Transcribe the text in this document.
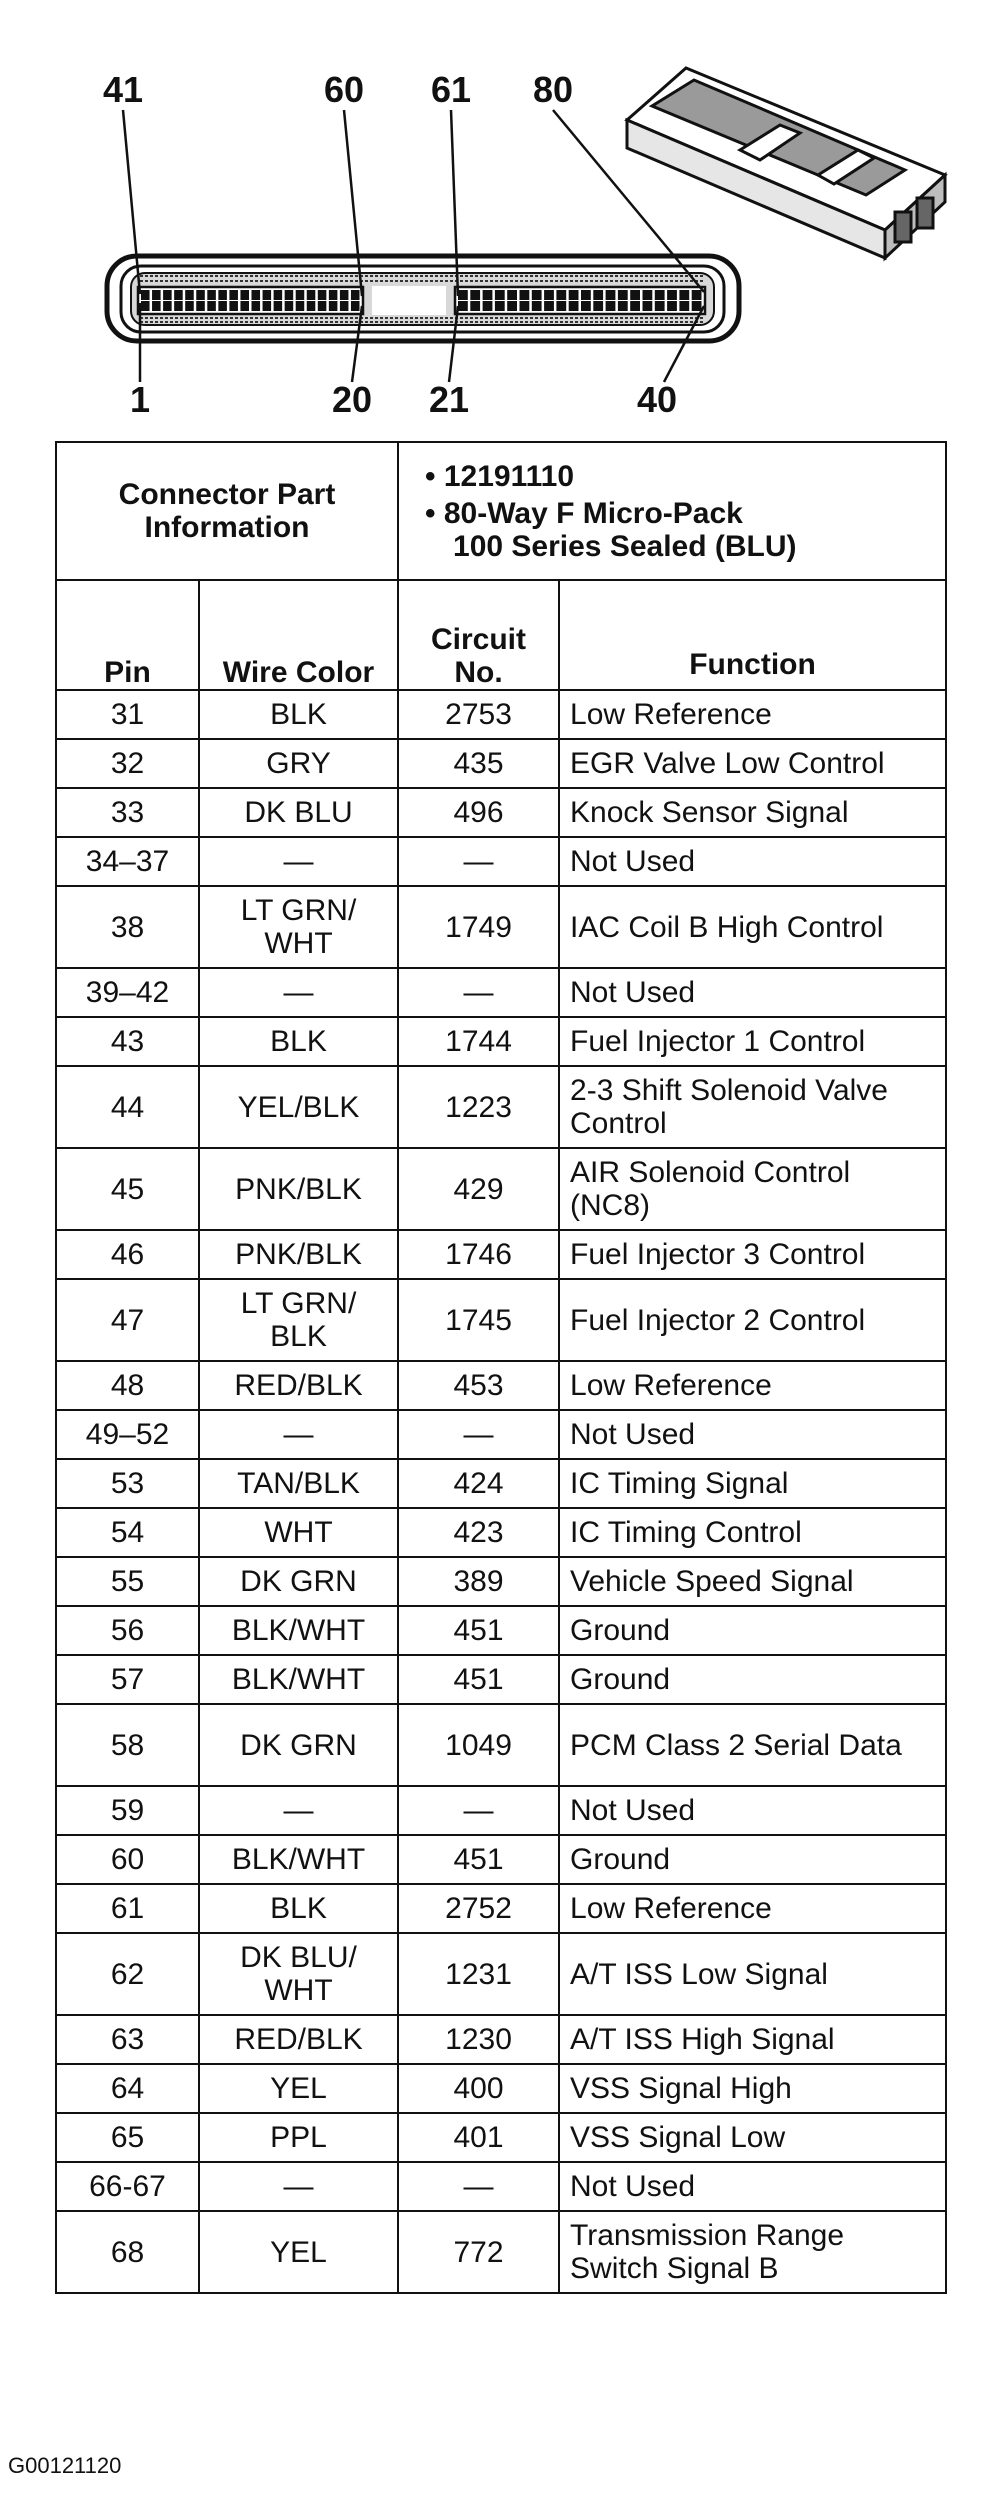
41	60 61 80
1	20 21	40
Connector Part Information		• 12191110
• 80-Way F Micro-Pack
100 Series Sealed (BLU)	

Pin	Wire Color	Circuit No.	Function
31	BLK	2753	Low Reference
32	GRY	435	EGR Valve Low Control
33	DK BLU	496	Knock Sensor Signal
34–37	—	—	Not Used
38	LT GRN/ WHT	1749	IAC Coil B High Control
39–42	—	—	Not Used
43	BLK	1744	Fuel Injector 1 Control
44	YEL/BLK	1223	2-3 Shift Solenoid Valve Control
45	PNK/BLK	429	AIR Solenoid Control (NC8)
46	PNK/BLK	1746	Fuel Injector 3 Control
47	LT GRN/ BLK	1745	Fuel Injector 2 Control
48	RED/BLK	453	Low Reference
49–52	—	—	Not Used
53	TAN/BLK	424	IC Timing Signal
54	WHT	423	IC Timing Control
55	DK GRN	389	Vehicle Speed Signal
56	BLK/WHT	451	Ground
57	BLK/WHT	451	Ground
58	DK GRN	1049	PCM Class 2 Serial Data
59	—	—	Not Used
60	BLK/WHT	451	Ground
61	BLK	2752	Low Reference
62	DK BLU/ WHT	1231	A/T ISS Low Signal
63	RED/BLK	1230	A/T ISS High Signal
64	YEL	400	VSS Signal High
65	PPL	401	VSS Signal Low
66-67	—	—	Not Used
68	YEL	772	Transmission Range Switch Signal B
G00121120
